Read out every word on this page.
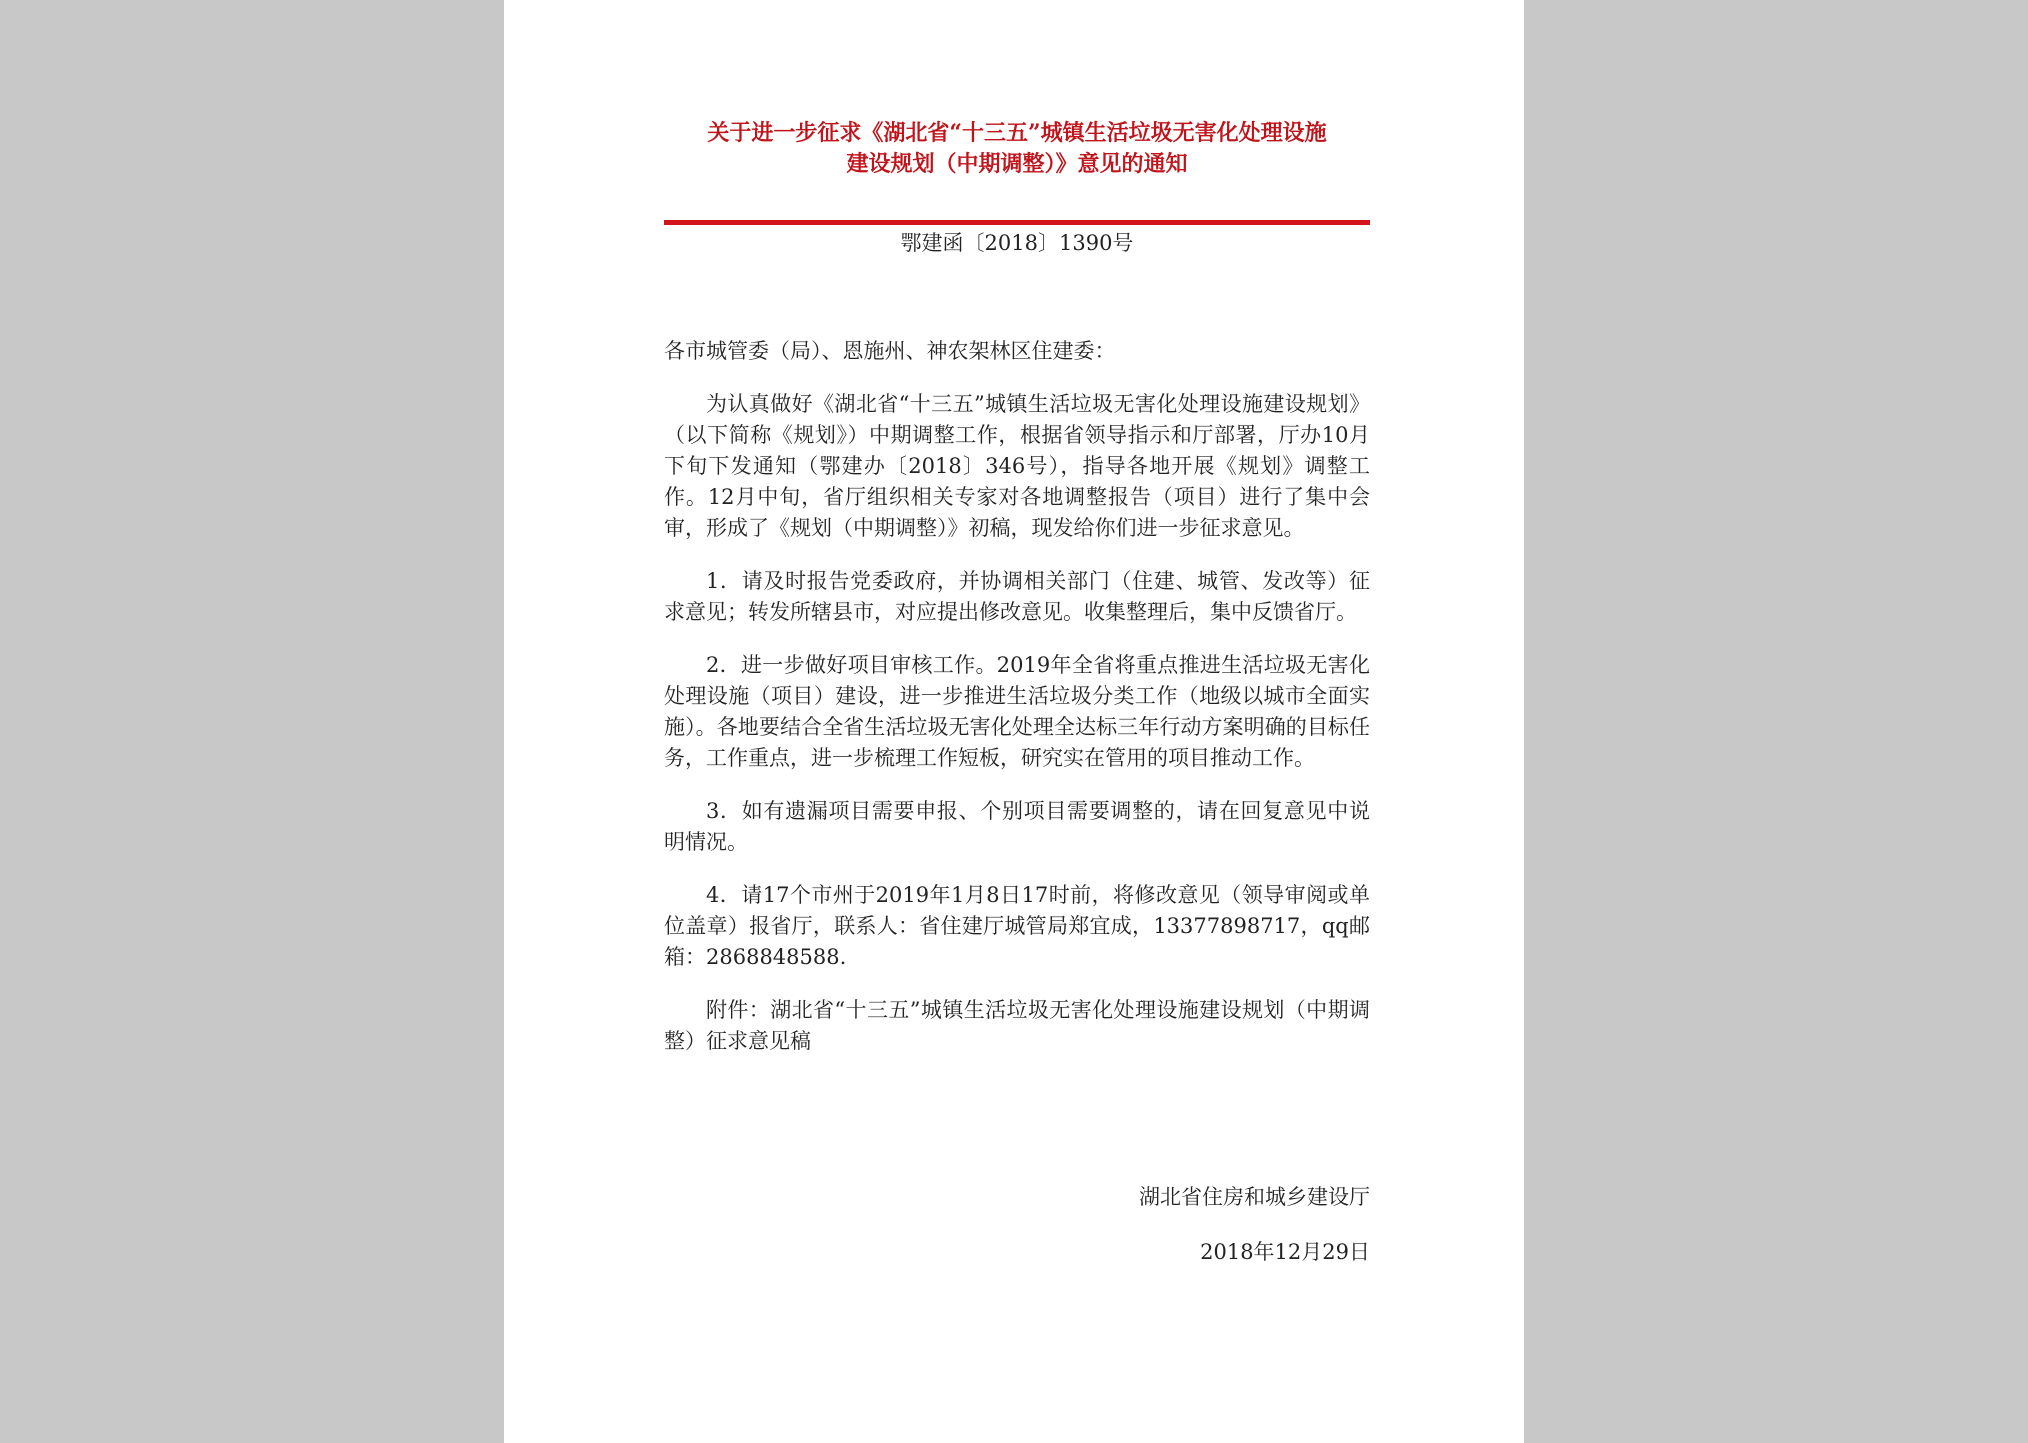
关于进一步征求《湖北省“十三五”城镇生活垃圾无害化处理设施
建设规划（中期调整）》意见的通知
鄂建函〔2018〕1390号

各市城管委（局）、恩施州、神农架林区住建委：

为认真做好《湖北省“十三五”城镇生活垃圾无害化处理设施建设规划》（以下简称《规划》）中期调整工作，根据省领导指示和厅部署，厅办10月下旬下发通知（鄂建办〔2018〕346号），指导各地开展《规划》调整工作。12月中旬，省厅组织相关专家对各地调整报告（项目）进行了集中会审，形成了《规划（中期调整）》初稿，现发给你们进一步征求意见。

1．请及时报告党委政府，并协调相关部门（住建、城管、发改等）征求意见；转发所辖县市，对应提出修改意见。收集整理后，集中反馈省厅。

2．进一步做好项目审核工作。2019年全省将重点推进生活垃圾无害化处理设施（项目）建设，进一步推进生活垃圾分类工作（地级以城市全面实施）。各地要结合全省生活垃圾无害化处理全达标三年行动方案明确的目标任务，工作重点，进一步梳理工作短板，研究实在管用的项目推动工作。

3．如有遗漏项目需要申报、个别项目需要调整的，请在回复意见中说明情况。

4．请17个市州于2019年1月8日17时前，将修改意见（领导审阅或单位盖章）报省厅，联系人：省住建厅城管局郑宜成，13377898717，qq邮箱：2868848588.

附件：湖北省“十三五”城镇生活垃圾无害化处理设施建设规划（中期调整）征求意见稿

湖北省住房和城乡建设厅
2018年12月29日
